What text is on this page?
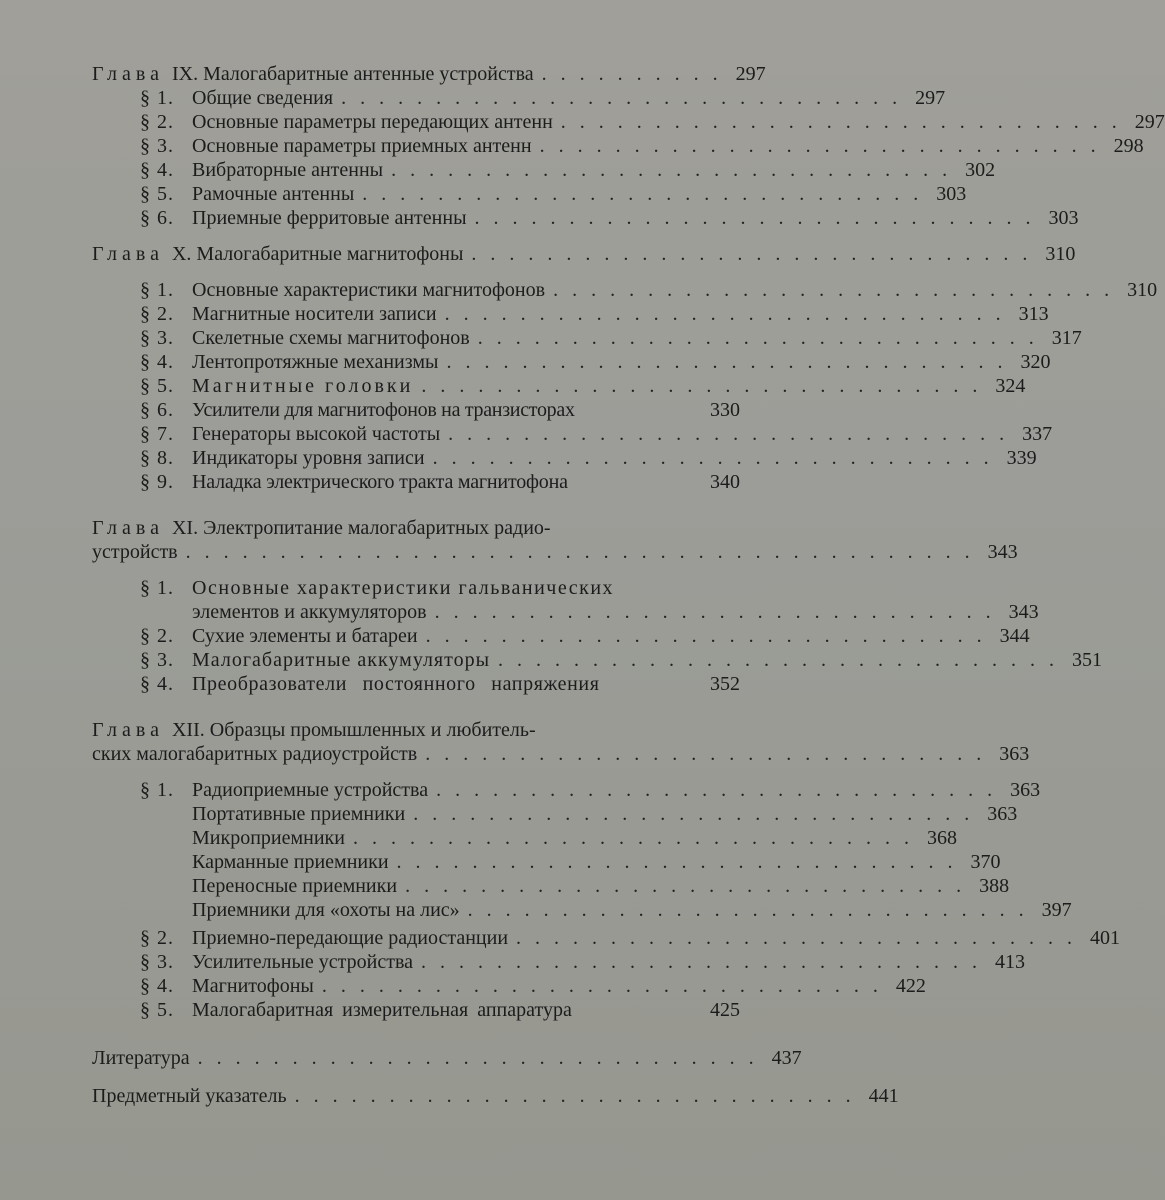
Глава IX. Малогабаритные антенные устройства .......... 297
§ 1. Общие сведения .............................. 297
§ 2. Основные параметры передающих антенн .............................. 297
§ 3. Основные параметры приемных антенн .............................. 298
§ 4. Вибраторные антенны .............................. 302
§ 5. Рамочные антенны .............................. 303
§ 6. Приемные ферритовые антенны .............................. 303
Глава X. Малогабаритные магнитофоны .............................. 310
§ 1. Основные характеристики магнитофонов .............................. 310
§ 2. Магнитные носители записи .............................. 313
§ 3. Скелетные схемы магнитофонов .............................. 317
§ 4. Лентопротяжные механизмы .............................. 320
§ 5. Магнитные головки .............................. 324
§ 6. Усилители для магнитофонов на транзисторах	330
§ 7. Генераторы высокой частоты .............................. 337
§ 8. Индикаторы уровня записи .............................. 339
§ 9. Наладка электрического тракта магнитофона	340
Глава XI. Электропитание малогабаритных радио-
устройств .......................................... 343
§ 1. Основные характеристики гальванических
элементов и аккумуляторов .............................. 343
§ 2. Сухие элементы и батареи .............................. 344
§ 3. Малогабаритные аккумуляторы .............................. 351
§ 4. Преобразователи постоянного напряжения	352
Глава XII. Образцы промышленных и любитель-
ских малогабаритных радиоустройств .............................. 363
§ 1. Радиоприемные устройства .............................. 363
Портативные приемники .............................. 363
Микроприемники .............................. 368
Карманные приемники .............................. 370
Переносные приемники .............................. 388
Приемники для «охоты на лис» .............................. 397
§ 2. Приемно-передающие радиостанции .............................. 401
§ 3. Усилительные устройства .............................. 413
§ 4. Магнитофоны .............................. 422
§ 5. Малогабаритная измерительная аппаратура	425
Литература .............................. 437
Предметный указатель .............................. 441
